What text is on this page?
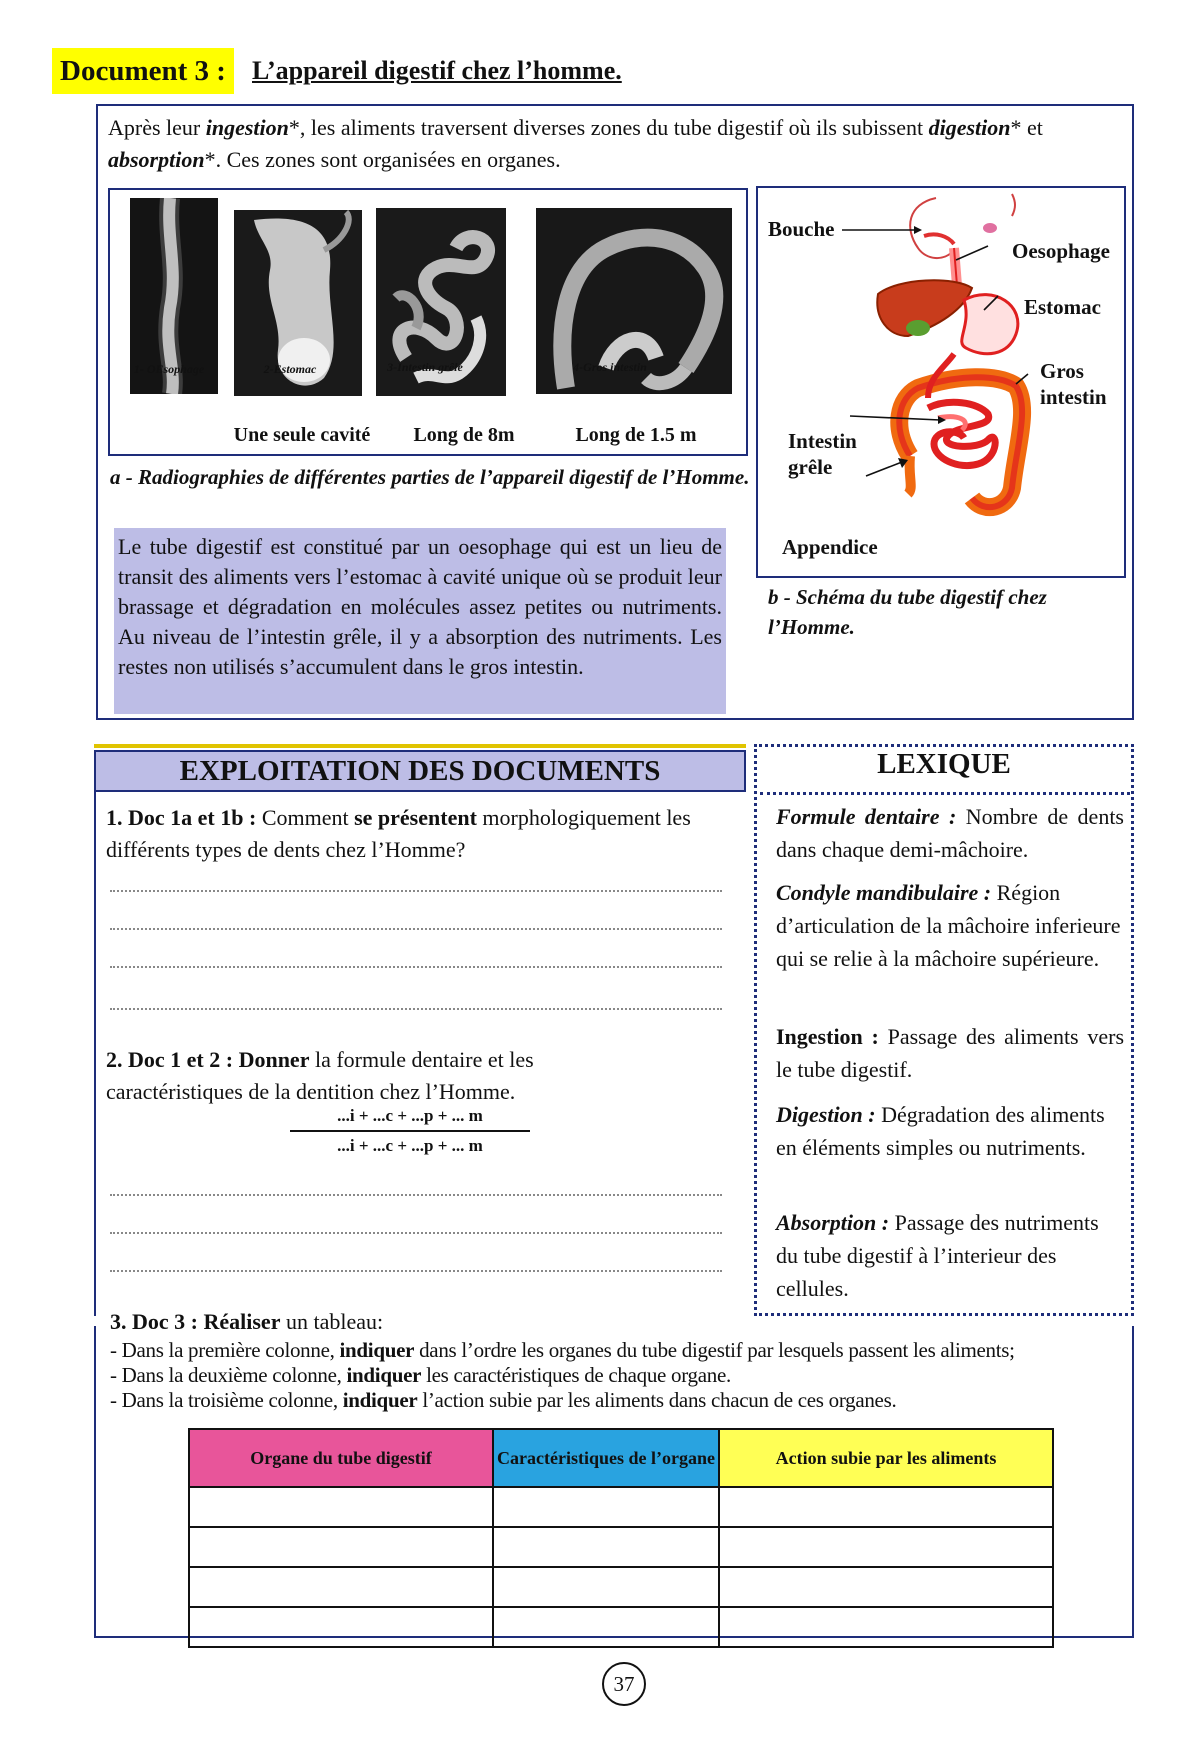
Document 3 :	L’appareil digestif chez l’homme.
Après leur ingestion*, les aliments traversent diverses zones du tube digestif où ils subissent digestion* et absorption*. Ces zones sont organisées en organes.
1- OEsophage	2-Estomac	3-Intestin grêle	4-Gros intestin
Une seule cavité	Long de 8m	Long de 1.5 m
a - Radiographies de différentes parties de l’appareil digestif de l’Homme.
Le tube digestif est constitué par un oesophage qui est un lieu de transit des aliments vers l’estomac à cavité unique où se produit leur brassage et dégradation en molécules assez petites ou nutriments. Au niveau de l’intestin grêle, il y a absorption des nutriments. Les restes non utilisés s’accumulent dans le gros intestin.
Bouche
Oesophage
Estomac
Gros
intestin
Intestin
grêle
Appendice
b - Schéma du tube digestif chez l’Homme.
EXPLOITATION DES DOCUMENTS
1. Doc 1a et 1b : Comment se présentent morphologiquement les différents types de dents chez l’Homme?
2. Doc 1 et 2 : Donner la formule dentaire et les caractéristiques de la dentition chez l’Homme.
...i + ...c + ...p + ... m
...i + ...c + ...p + ... m
LEXIQUE
Formule dentaire : Nombre de dents dans chaque demi-mâchoire.
Condyle mandibulaire : Région d’articulation de la mâchoire inferieure qui se relie à la mâchoire supérieure.
Ingestion : Passage des aliments vers le tube digestif.
Digestion : Dégradation des aliments en éléments simples ou nutriments.
Absorption : Passage des nutriments du tube digestif à l’interieur des cellules.
3. Doc 3 : Réaliser un tableau:
- Dans la première colonne, indiquer dans l’ordre les organes du tube digestif par lesquels passent les aliments;
- Dans la deuxième colonne, indiquer les caractéristiques de chaque organe.
- Dans la troisième colonne, indiquer l’action subie par les aliments dans chacun de ces organes.
Organe du tube digestif	Caractéristiques de l’organe	Action subie par les aliments

37
